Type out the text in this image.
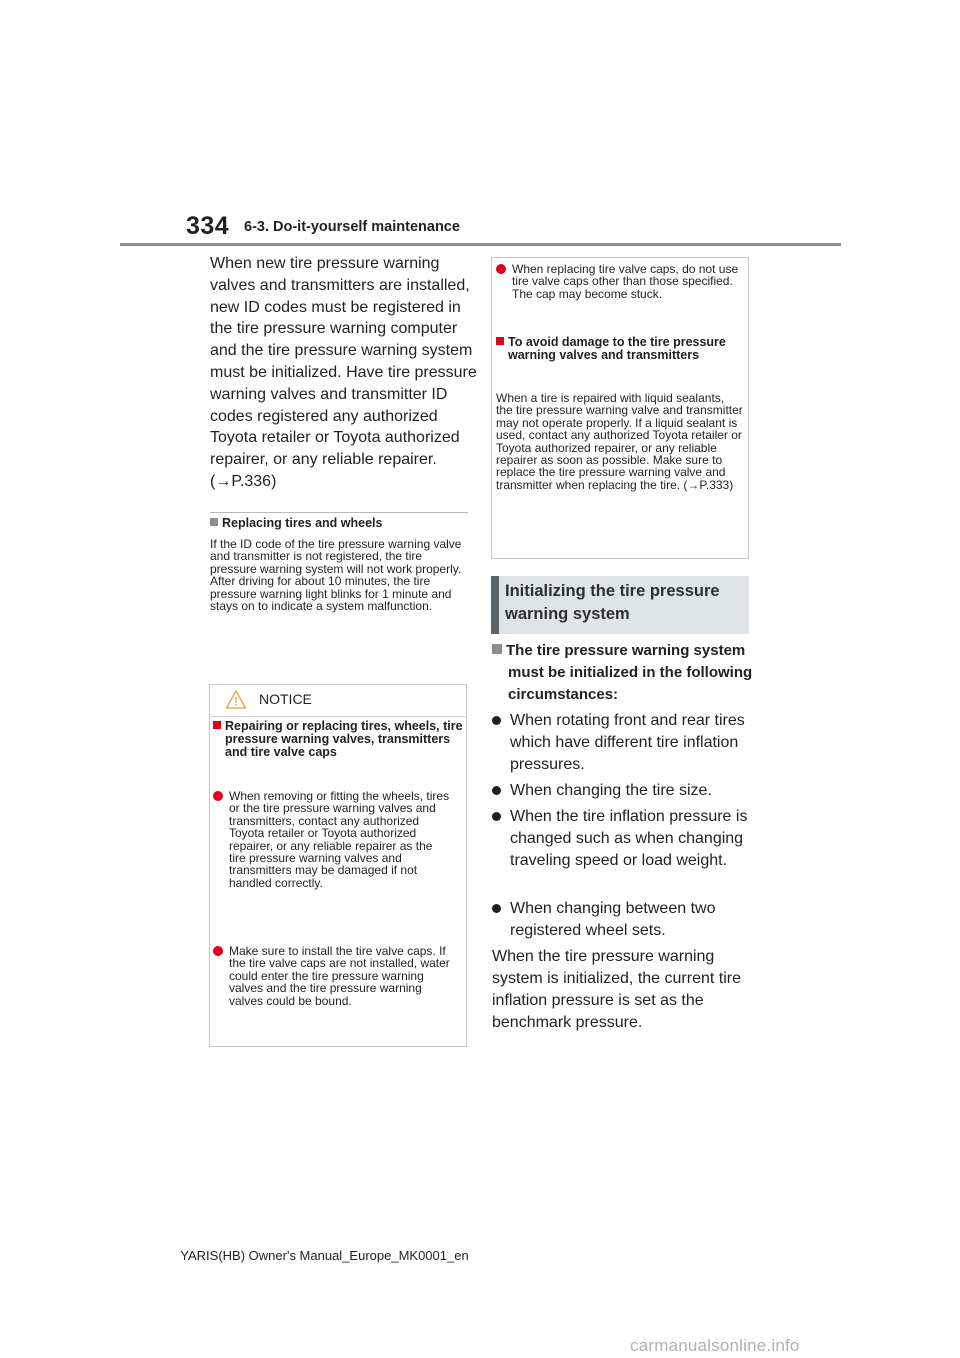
334 6-3. Do-it-yourself maintenance

When new tire pressure warning valves and transmitters are installed, new ID codes must be registered in the tire pressure warning computer and the tire pressure warning system must be initialized. Have tire pressure warning valves and transmitter ID codes registered any authorized Toyota retailer or Toyota authorized repairer, or any reliable repairer. (→P.336)

Replacing tires and wheels

If the ID code of the tire pressure warning valve and transmitter is not registered, the tire pressure warning system will not work properly. After driving for about 10 minutes, the tire pressure warning light blinks for 1 minute and stays on to indicate a system malfunction.

NOTICE
Repairing or replacing tires, wheels, tire pressure warning valves, transmitters and tire valve caps
When removing or fitting the wheels, tires or the tire pressure warning valves and transmitters, contact any authorized Toyota retailer or Toyota authorized repairer, or any reliable repairer as the tire pressure warning valves and transmitters may be damaged if not handled correctly.
Make sure to install the tire valve caps. If the tire valve caps are not installed, water could enter the tire pressure warning valves and the tire pressure warning valves could be bound.
When replacing tire valve caps, do not use tire valve caps other than those specified. The cap may become stuck.
To avoid damage to the tire pressure warning valves and transmitters

When a tire is repaired with liquid sealants, the tire pressure warning valve and transmitter may not operate properly. If a liquid sealant is used, contact any authorized Toyota retailer or Toyota authorized repairer, or any reliable repairer as soon as possible. Make sure to replace the tire pressure warning valve and transmitter when replacing the tire. (→P.333)

Initializing the tire pressure warning system
The tire pressure warning system must be initialized in the following circumstances:
When rotating front and rear tires which have different tire inflation pressures.
When changing the tire size.
When the tire inflation pressure is changed such as when changing traveling speed or load weight.
When changing between two registered wheel sets.

When the tire pressure warning system is initialized, the current tire inflation pressure is set as the benchmark pressure.

YARIS(HB) Owner's Manual_Europe_MK0001_en
carmanualsonline.info
